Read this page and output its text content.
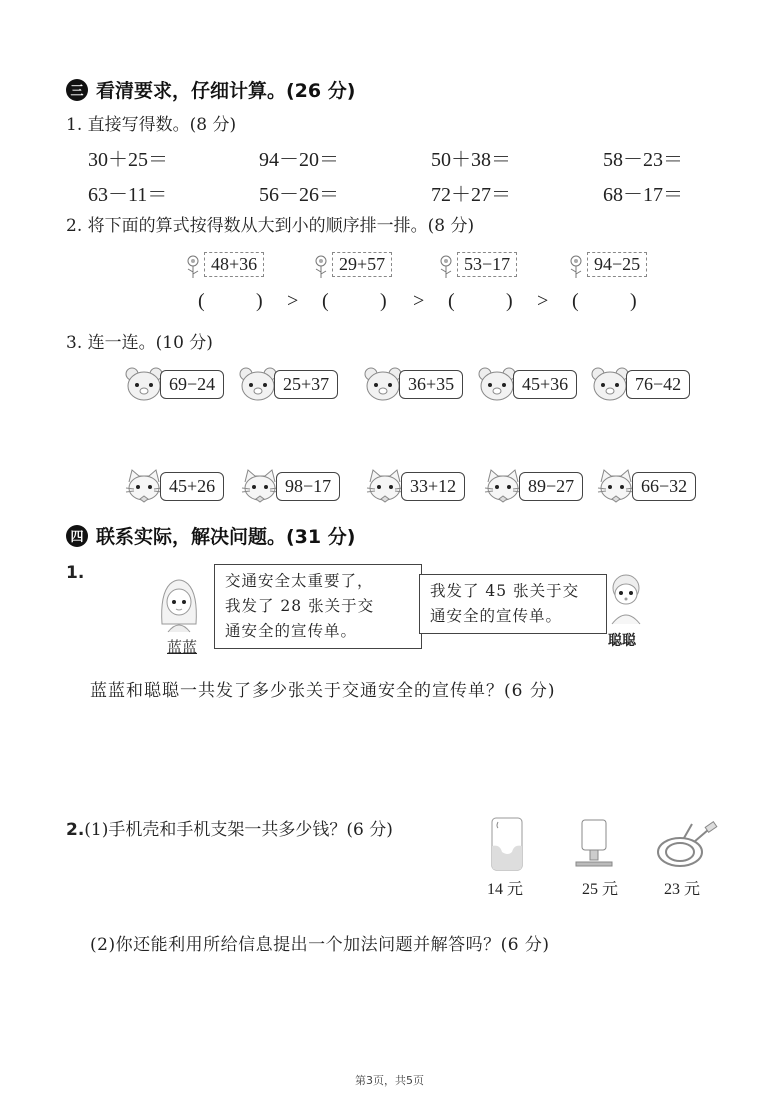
三 看清要求，仔细计算。(26 分)
1. 直接写得数。(8 分)
30＋25＝	94－20＝	50＋38＝	58－23＝
63－11＝	56－26＝	72＋27＝	68－17＝
2. 将下面的算式按得数从大到小的顺序排一排。(8 分)
48+36	29+57	53−17	94−25
(	) > (	) > (	) > (	)
3. 连一连。(10 分)
69−24	25+37	36+35	45+36	76−42
45+26	98−17	33+12	89−27	66−32
四 联系实际，解决问题。(31 分)
1.
蓝蓝
交通安全太重要了，
我发了 28 张关于交
通安全的宣传单。
我发了 45 张关于交
通安全的宣传单。
聪聪
蓝蓝和聪聪一共发了多少张关于交通安全的宣传单？(6 分)
2.(1)手机壳和手机支架一共多少钱？(6 分)
14 元	25 元	23 元
(2)你还能利用所给信息提出一个加法问题并解答吗？(6 分)
第3页，共5页
